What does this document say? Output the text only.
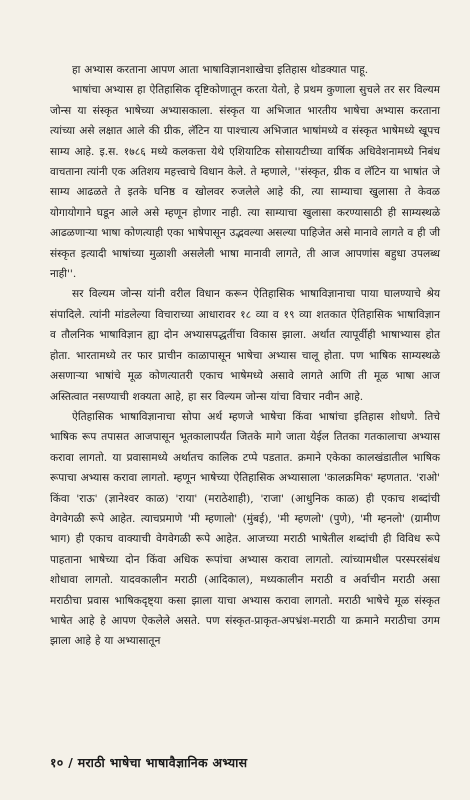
हा अभ्यास करताना आपण आता भाषाविज्ञानशाखेचा इतिहास थोडक्यात पाहू.

भाषांचा अभ्यास हा ऐतिहासिक दृष्टिकोणातून करता येतो, हे प्रथम कुणाला सुचले तर सर विल्यम जोन्स या संस्कृत भाषेच्या अभ्यासकाला. संस्कृत या अभिजात भारतीय भाषेचा अभ्यास करताना त्यांच्या असे लक्षात आले की ग्रीक, लॅटिन या पाश्चात्य अभिजात भाषांमध्ये व संस्कृत भाषेमध्ये खूपच साम्य आहे. इ.स. १७८६ मध्ये कलकत्ता येथे एशियाटिक सोसायटीच्या वार्षिक अधिवेशनामध्ये निबंध वाचताना त्यांनी एक अतिशय महत्त्वाचे विधान केले. ते म्हणाले, ''संस्कृत, ग्रीक व लॅटिन या भाषांत जे साम्य आढळते ते इतके घनिष्ठ व खोलवर रुजलेले आहे की, त्या साम्याचा खुलासा ते केवळ योगायोगाने घडून आले असे म्हणून होणार नाही. त्या साम्याचा खुलासा करण्यासाठी ही साम्यस्थळे आढळणाऱ्या भाषा कोणत्याही एका भाषेपासून उद्भवल्या असल्या पाहिजेत असे मानावे लागते व ही जी संस्कृत इत्यादी भाषांच्या मुळाशी असलेली भाषा मानावी लागते, ती आज आपणांस बहुधा उपलब्ध नाही''.

सर विल्यम जोन्स यांनी वरील विधान करून ऐतिहासिक भाषाविज्ञानाचा पाया घालण्याचे श्रेय संपादिले. त्यांनी मांडलेल्या विचाराच्या आधारावर १८ व्या व १९ व्या शतकात ऐतिहासिक भाषाविज्ञान व तौलनिक भाषाविज्ञान ह्या दोन अभ्यासपद्धतींचा विकास झाला. अर्थात त्यापूर्वीही भाषाभ्यास होत होता. भारतामध्ये तर फार प्राचीन काळापासून भाषेचा अभ्यास चालू होता. पण भाषिक साम्यस्थळे असणाऱ्या भाषांचे मूळ कोणत्यातरी एकाच भाषेमध्ये असावे लागते आणि ती मूळ भाषा आज अस्तित्वात नसण्याची शक्यता आहे, हा सर विल्यम जोन्स यांचा विचार नवीन आहे.

ऐतिहासिक भाषाविज्ञानाचा सोपा अर्थ म्हणजे भाषेचा किंवा भाषांचा इतिहास शोधणे. तिचे भाषिक रूप तपासत आजपासून भूतकालापर्यंत जितके मागे जाता येईल तितका गतकालाचा अभ्यास करावा लागतो. या प्रवासामध्ये अर्थातच कालिक टप्पे पडतात. क्रमाने एकेका कालखंडातील भाषिक रूपाचा अभ्यास करावा लागतो. म्हणून भाषेच्या ऐतिहासिक अभ्यासाला 'कालक्रमिक' म्हणतात. 'राओ' किंवा 'राऊ' (ज्ञानेश्वर काळ) 'राया' (मराठेशाही), 'राजा' (आधुनिक काळ) ही एकाच शब्दांची वेगवेगळी रूपे आहेत. त्याचप्रमाणे 'मी म्हणालो' (मुंबई), 'मी म्हणलो' (पुणे), 'मी म्हनलो' (ग्रामीण भाग) ही एकाच वाक्याची वेगवेगळी रूपे आहेत. आजच्या मराठी भाषेतील शब्दांची ही विविध रूपे पाहताना भाषेच्या दोन किंवा अधिक रूपांचा अभ्यास करावा लागतो. त्यांच्यामधील परस्परसंबंध शोधावा लागतो. यादवकालीन मराठी (आदिकाल), मध्यकालीन मराठी व अर्वाचीन मराठी असा मराठीचा प्रवास भाषिकदृष्ट्या कसा झाला याचा अभ्यास करावा लागतो. मराठी भाषेचे मूळ संस्कृत भाषेत आहे हे आपण ऐकलेले असते. पण संस्कृत-प्राकृत-अपभ्रंश-मराठी या क्रमाने मराठीचा उगम झाला आहे हे या अभ्यासातून

१० / मराठी भाषेचा भाषावैज्ञानिक अभ्यास
